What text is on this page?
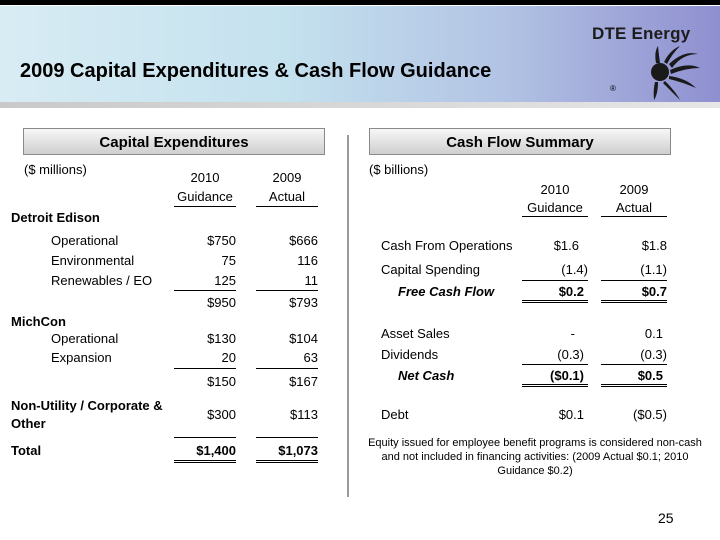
2009 Capital Expenditures & Cash Flow Guidance
DTE Energy
®
Capital Expenditures	Cash Flow Summary
($ millions)
2010
Guidance
2009
Actual
Detroit Edison
Operational	$750	$666
Environmental	75	116
Renewables / EO	125	11
$950	$793
MichCon
Operational	$130	$104
Expansion	20	63
$150	$167
Non-Utility / Corporate &
Other
$300	$113
Total	$1,400	$1,073
($ billions)
2010
Guidance
2009
Actual
Cash From Operations	$1.6	$1.8
Capital Spending	(1.4)	(1.1)
Free Cash Flow	$0.2	$0.7
Asset Sales	-	0.1
Dividends	(0.3)	(0.3)
Net Cash	($0.1)	$0.5
Debt	$0.1	($0.5)
Equity issued for employee benefit programs is considered non-cash and not included in financing activities: (2009 Actual $0.1; 2010 Guidance $0.2)
25
